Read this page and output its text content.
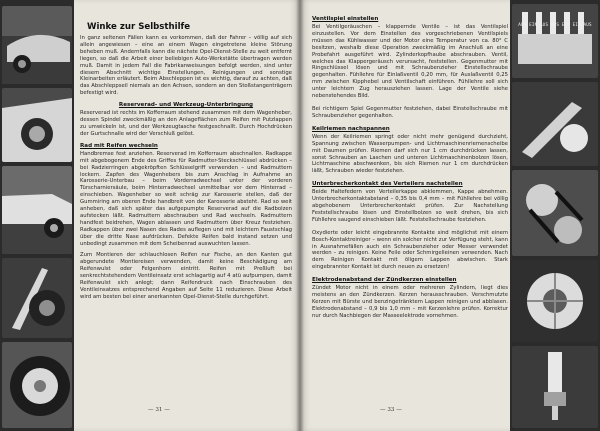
Winke zur Selbsthilfe

In ganz seltenen Fällen kann es vorkommen, daß der Fahrer – völlig auf sich allein angewiesen – eine an einem Wagen eingetretene kleine Störung beheben muß. Andernfalls kann die nächste Opel-Dienst-Stelle zu weit entfernt liegen, so daß die Arbeit einer beliebigen Auto-Werkstätte übertragen werden muß. Damit in jedem Fall die Fabrikanweisungen befolgt werden, sind unter diesem Abschnitt wichtige Einstellungen, Reinigungen und sonstige Kleinarbeiten erläutert. Beim Abschleppen ist es wichtig, darauf zu achten, daß das Abschleppseil niemals an den Achsen, sondern an den Stoßstangenträgern befestigt wird.

Reserverad- und Werkzeug-Unterbringung

Reserverad ist rechts im Kofferraum stehend zusammen mit dem Wagenheber, dessen Spindel zweckmäßig an den Anlageflächen zum Reifen mit Putzlappen zu umwickeln ist, und der Werkzeugtasche festgeschnallt. Durch Hochdrücken der Gurtschnalle wird der Verschluß gelöst.

Rad mit Reifen wechseln

Handbremse fest anziehen. Reserverad im Kofferraum abschnallen. Radkappe mit abgebogenem Ende des Griffes für Radmutter-Steckschlüssel abdrücken – bei Radzierringen abgekröpften Schlüsselgriff verwenden – und Radmuttern lockern. Zapfen des Wagenhebers bis zum Anschlag in Aufnahme an Karosserie-Unterbau – beim Vorderradwechsel unter der vorderen Türscharniersäule, beim Hinterradwechsel unmittelbar vor dem Hinterrad – einschieben. Wagenheber so weit schräg zur Karosserie stellen, daß der Gummiring am oberen Ende handbreit von der Karosserie absteht. Rad so weit anheben, daß sich später das aufgepumpte Reserverad auf die Radbolzen aufstecken läßt. Radmuttern abschrauben und Rad wechseln. Radmuttern handfest beidrehen, Wagen ablassen und Radmuttern über Kreuz festziehen. Radkappen über zwei Nasen des Rades auflegen und mit leichtem Faustschlag über die dritte Nase aufdrücken. Defekte Reifen bald instand setzen und unbedingt zusammen mit dem Scheibenrad auswuchten lassen.

Zum Montieren der schlauchlosen Reifen nur Fische, an den Kanten gut abgerundete Montiereisen verwenden, damit keine Beschädigung am Reifenwulst oder Felgenhorn eintritt. Reifen mit Preßluft bei senkrechtstehendem Ventileinsatz erst schlagartig auf 4 atü aufpumpen, damit Reifenwulst sich anlegt; dann Reifendruck nach Einschrauben des Ventileinsatzes entsprechend Angaben auf Seite 11 reduzieren. Diese Arbeit wird am besten bei einer anerkannten Opel-Dienst-Stelle durchgeführt.

— 31 —
Ventilspiel einstellen

Bei Ventilgeräuschen – klappernde Ventile – ist das Ventilspiel einzustellen. Vor dem Einstellen des vorgeschriebenen Ventilspiels müssen das Kühlwasser und der Motor eine Temperatur von ca. 80° C besitzen, weshalb diese Operation zweckmäßig im Anschluß an eine Probefahrt ausgeführt wird. Zylinderkopfhaube abschrauben. Ventil, welches das Klappergeräusch verursacht, feststellen. Gegenmutter mit Ringschlüssel lösen und mit Schraubenzieher Einstellschraube gegenhalten. Fühllehre für Einlaßventil 0,20 mm, für Auslaßventil 0,25 mm zwischen Kipphebel und Ventilschaft einführen. Fühllehre soll sich unter leichtem Zug herausziehen lassen. Lage der Ventile siehe nebenstehendes Bild.

Bei richtigem Spiel Gegenmutter festziehen, dabei Einstellschraube mit Schraubenzieher gegenhalten.

Keilriemen nachspannen

Wenn der Keilriemen springt oder nicht mehr genügend durchzieht, Spannung zwischen Wasserpumpen- und Lichtmaschinenriemenscheibe mit Daumen prüfen. Riemen darf sich nur 1 cm durchdrücken lassen, sonst Schrauben an Laschen und unteren Lichtmaschinenbolzen lösen, Lichtmaschine abschwenken, bis sich Riemen nur 1 cm durchdrücken läßt, Schrauben wieder festziehen.

Unterbrecherkontakt des Verteilers nachstellen

Beide Haltefedern von Verteilerkappe abklemmen, Kappe abnehmen. Unterbrecherkontaktabstand – 0,35 bis 0,4 mm – mit Fühllehre bei völlig abgehobenem Unterbrecherkontakt prüfen. Zur Nachstellung Feststellschraube lösen und Einstellbolzen so weit drehen, bis sich Fühllehre saugend einschieben läßt. Feststellschraube festziehen.

Oxydierte oder leicht eingebrannte Kontakte sind möglichst mit einem Bosch-Kontaktreiniger – wenn ein solcher nicht zur Verfügung steht, kann in Ausnahmefällen auch ein Schraubenzieher oder Messer verwendet werden – zu reinigen. Keine Feile oder Schmirgelleinen verwenden. Nach dem Reinigen Kontakt mit öligem Lappen abwischen. Stark eingebrannter Kontakt ist durch neuen zu ersetzen!

Elektrodenabstand der Zündkerzen einstellen

Zündet Motor nicht in einem oder mehreren Zylindern, liegt dies meistens an den Zündkerzen. Kerzen herausschrauben. Verschmutzte Kerzen mit Bürste und benzingetränktem Lappen reinigen und abblasen. Elektrodenabstand – 0,9 bis 1,0 mm – mit Kerzenlehre prüfen. Korrektur nur durch Nachbiegen der Masseelektrode vornehmen.

— 33 —
AUS EIN AUS AUS EIN EIN AUS
